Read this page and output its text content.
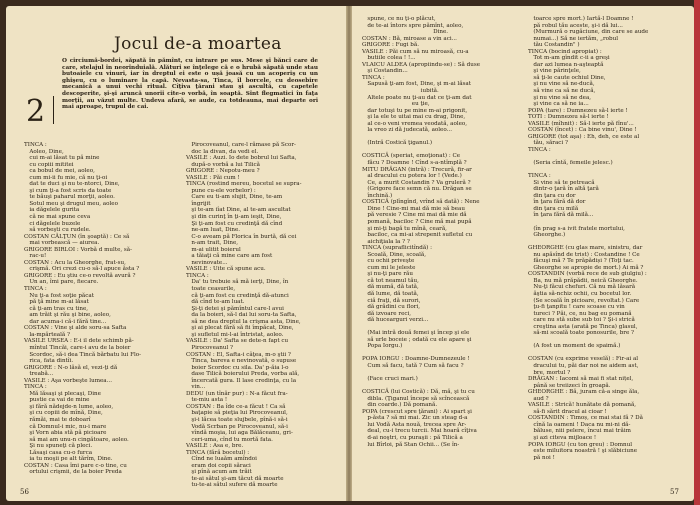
Jocul de-a moartea
2
O circiumă-bordei, săpată în pămînt, cu intrare pe sus. Mese şi bănci care de care, stelajul în neorînduială. Alături se înţelege că e o hrubă săpată unde stau butoaiele cu vinuri, iar în dreptul ei este o ușă joasă cu un acoperiş cu un ghişeu, cu o luminare la capă. Nevasta-sa, Tinca, îl borcele, cu deosebire mecanică a unui vechi ritual. Cîţiva ţărani stau şi ascultă, cu capetele descoperite, şi-şi aruncă unorii cite-o vorbă, în soaptă. Sînt flegmatici în faţa morţii, au văzut multe. Undeva afară, se aude, ca totdeauna, mai departe ori mai aproape, trupul de cai.
TINCA :
Aoleo, Dine,
cui m-ai lăsat tu pă mine
cu copiii mititei
ca bobul de mei, aoleo,
cum mi-ii fu mie, că nu ţi-oi
dat te duci şi nu te-ntorci, Dine,
şi cum ţi-a fost scris da toate
te băuşi paharul morţii, aoleo.
Sotul meu şi drugul meu, aoleo
ia dăgelele gurita
că ne mai spune ceva
ci dăgelele buzele
să vorbeşti cu rudele.
COSTAN CĂLŢUN (în şoaptă) : Ce să
mai vorbească — aiurea.
GRIGORE BIRLOI : Vorbă d multe, să-
rac-u!
COSTAN : Acu la Gheorghe, frat-su,
crişmă. Ori crezi cu-o să-l apuce ăsta ?
GRIGORE : Eu ştiu ce-o revoltă avură ?
Un an, îmi pare, fiecare.
TINCA :
Nu ţi-a fost soţie păcat
pă ţă mine m-ai lăsat
că ţi-am tras cu tine,
am trăit şi rău şi bine, aoleo,
dar acuma-i că-i fără tine...
COSTAN : Vine şi alde soru-sa Safta
la-mpărteală ?
VASILE URSEA : E-i il dete schimb pă-
mîntul Tincăi, care-i avu de la boier
Scordoc, să-i dea Tincă bărbatu lui Flo-
rica, fata dintîi.
GRIGORE : N-o lăsă el, vezi-ţi dă
treabă...
VASILE : Aşa vorbeşte lumea...
TINCA :
Mă lăsaşi şi plecaşi, Dine
pustie ca vai de mine
şi fără nădejde-n lume, aoleo,
şi cu copiii de mînă, Dine,
rămăi, mai te doboarî
că Domnul-i mic, nu-i mare
şi Vorn abia stă pă picioare
să mai am unu-n cingătoare, aoleo.
Şi nu spuneţi că pleci.
Lăsaşi casa cu-o furca
ia tu moşii pe alt tărîm, Dine.
COSTAN : Casa îmi pare c-o tine, cu
ortului crişmii, de la boier Preda
Pirocoveanul, care-l rămase pă Scor-
doc la divan, da vedi el.
VASILE : Auzi. Io dete bobrul lui Safta,
după-o vorbă a lui Tilică
GRIGORE : Nepotu-meu ?
VASILE : Păi cum !
TINCA (rostind mereu, bocetul se supra-
pune cu-ele vorbelor) :
Care eu ti-am slujit, Dine, te-am
îngrijit
şi te-am iîat Dine, al te-am ascultat
şi din curinţ în ţi-am ieşit, Dine,
Şi ţi-am fost cu credinţă dă cînd
ne-am luat, Dine.
C-o aveam pă Florica în burtă, dă cei
n-am trait, Dine,
m-ai ulitit boierul
a tăiaţi că mine care am fost
nevinovate...
VASILE : Uite că spune acu.
TINCA :
Da' tu trebuie să mă ierţi, Dine, în
toate ceasurile,
că ţi-am fost cu credinţă dă-atunci
dă cînd te-am luat.
Şi-ţi detei şi pămîntul care-l avui
da la boieri, să-l dai lui soru-ta Safta,
să ne dea dreptul la crişma asta, Dine,
şi ai plecat fără să fii împăcat, Dine,
şi sufletul mi-l-ai întristat, aoleo.
VASILE : Da' Safta se dete-n fapt cu
Pirocoveanul ?
COSTAN : El, Safta-i câţea, m-o ştii ?
Tinca, bareva e nevinovată, o supuse
boier Scordoc cu sila. Da' p-ăia l-o
dase Tilică boierului Preda, vorba ală,
încercată gura. Il lase credinţa, cu la
vin...
DEDU (un tînăr pur) : N-a făcut fra-
te-miu asta !
COSTAN : Ba îde ce-a făcut ! Ca să
baţapie să pieţia lui Pirocoveanul,
şi-i lăcea toate slujbele, pînă-i să-i
Vodă Scrban pe Pirocoveanul, să-i
vîndă moşia, lui aga Bălăceanu, gri-
ceri-uma, cînd tu mortă fata.
VASILE : Asa e, bre.
TINCA (fără bocetul) :
Cînd ne luaăm amîndoi
eram doi copii săraci
şi pînă acum am trăit
te-ai sătul şi-am tăcut dă moarte
tu-te-ai sătul sufere dă moarte
56
spune, ce nu ţi-o plăcut,
de te-ai întors spre pămînt, aoleo,
Dine.
COSTAN : Bă, miroase a vin aci...
GRIGORE : Fugi bă.
VASILE : Păi cum să nu miroasă, cu-a
butiile colea ! !...
VLAICU ALDEA (apropiindu-se) : Să duse
şi Costandin...
TINCA :
Sapusă ţi-am fost, Dine, şi m-ai lăsat
iubită.
Altele poate nu ţi-au dat ce ţi-am dat
eu ţie,
dar totuşi tu pe mine m-ai prigonit,
şi la ele te uitai mai cu drag, Dine,
al ce-o veni vremea veodată, aoleo,
la vreo zi dă judecată, aoleo...

(Intră Costică ţiganul.)

COSTICĂ (speriat, emoţionat) : Ce
făcu ? Doamne ! Cînd s-a-ntîmplă ?
MITU DRĂGAN (intră) : Trecură, fir-ar
al dracului cu potera lor ! (Vede.)
Ce, a murit Costandin ? Va gruleră ?
(Grigore face semn că nu. Drăgan se
închină.)
COSTICĂ (plîngînd, vrînd să dată) : Nene
Dine ! Cine-mi mai dă mie să beau
pă veresie ? Cine mi mai dă mie dă
pomană, baciloc ? Cine mă mai pupă
şi mi-ţi bagă tu mînă, ceară,
baciloc, ca mi-ai strepenit sufletul cu
aichiţiala la ? ?
TINCA (supraflicitîndă) :
Scoală, Dine, scoală,
cu ochii priveşte
cum mi le jeleste
şi nu-ţi pare rău
că tot neamul tău,
dă mumă, dă tată,
dă lume, dă toată,
ciă fraţi, dă surori,
dă grădini cu flori,
dă izvoare reci,
dă hucearguri verzi...

(Mai intră două femei şi încep şi ele
să urle boceie ; odată cu ele apare şi
Popa Iorgu.)

POPA IORGU : Doamne-Dumnezeule !
Cum să facu, tată ? Cum să facu ?

(Face cruci mari.)

COSTICĂ (lui Costică) : Dă, mă, şi tu cu
dibla. (Ţiganul începe să scîncească
din coarde.) Dă pomană.
POPA (crescut spre ţărani) : Ai spart şi
p-ăsta ? să mi mai. Zic un steag d-a
lui Vodă Asta nouă, trecea spre Ar-
deal, cu-i trecu turcii. Mai hoară cîţiva
d-ai noştri, cu puraşii : pă Tilică a
lui Bîrloi, pă Stan Ochii... (Se în-
toarce spre mort.) Iartă-l Doamne !
pă robul tău aceste, şi-i dă lui...
(Murmură o rugăciune, din care se aude
numai...) Să ne iertăm, „robul
tău Costandin" )
TINCA (bocind apropiat) :
Tot m-am gîndit c-ii a greşi
dar azi lumea n-aşteaptă
şi vine părinţele,
să ţi-le caute ochiul Dine,
şi nu vine să ne-ducă,
să vine ca să ne ducă,
şi nu vine să ne dea,
şi vine ca să ne ia...
POPA (tare) : Dumnezeu să-l ierte !
TOTI : Dumnezeu să-l ierte !
VASILE (mîhnit) : Să-l ierte pă fînu'...
COSTAN (încet) : Ca bine vinu', Dine !
GRIGORE (tot aşa) : Eh, deh, ce este al
tău, săraci ?
TINCA :

(Seria cîntă, femeile jelesc.)

TINCA :
Si vine să te petreacă
dintr-o ţară în altă ţară
din ţara cu dor
în ţara fără dă dor
din ţara cu milă
în ţara fără dă milă...

(în prag s-a ivit fratele mortului,
Gheorghe.)

GHEORGHE (cu glas mare, sinistru, dar
nu apăsînd de trist) : Costandine ! Ce
făcuşi mă ? Te prăpădiși ? (Toţi tac.
Gheorghe se apropie de mort.) Ai mă ?
COSTANDIN (vorbă rece de sub giulgiu) :
Ba, nu mă prăpădii, neică Gheorghe.
Nu-ţi făcui chefuri. Că nu mă lăsară
ăştia să-nchiz ochii, cu bocetul lor.
(Se scoală în picioare, revoltat.) Care
ţu-fi ţanpitu ! care scoase cu vin
tureci ? Păi, ce, nu bag eu pomană
care nu stă sube sub toi ? Şi-i strică
creştina asta (arată pe Tinca) glasul,
să-mi scoală toate ponosurile, bre ?

(A fost un moment de spaimă.)

COSTAN (cu exprime veselă) : Fir-ai al
dracului tu, păi dar noi ne aidem ast,
bre, mortul ?
DRĂGAN : Iacomi să mai fi stat nițel,
până se treiizeci în groapă.
GHEORGHE : Bă, juram că-a singe ăla,
aud ?
VASILE : Strică! hunătate dă pomană,
să-fi sărit dracul ai cioar !
COSTANDIN : Timoș, ce mai stai fă ? Dă
cînă la oameni ! Daca nu mi-ni dă-
băluse, niii pelere, încui mai trăim
şi azi citeva mijloace !
POPA IORGU (cu ton greu) : Domnul
este miluitora noastră ! şi slăbiciune
pă noi !
57
